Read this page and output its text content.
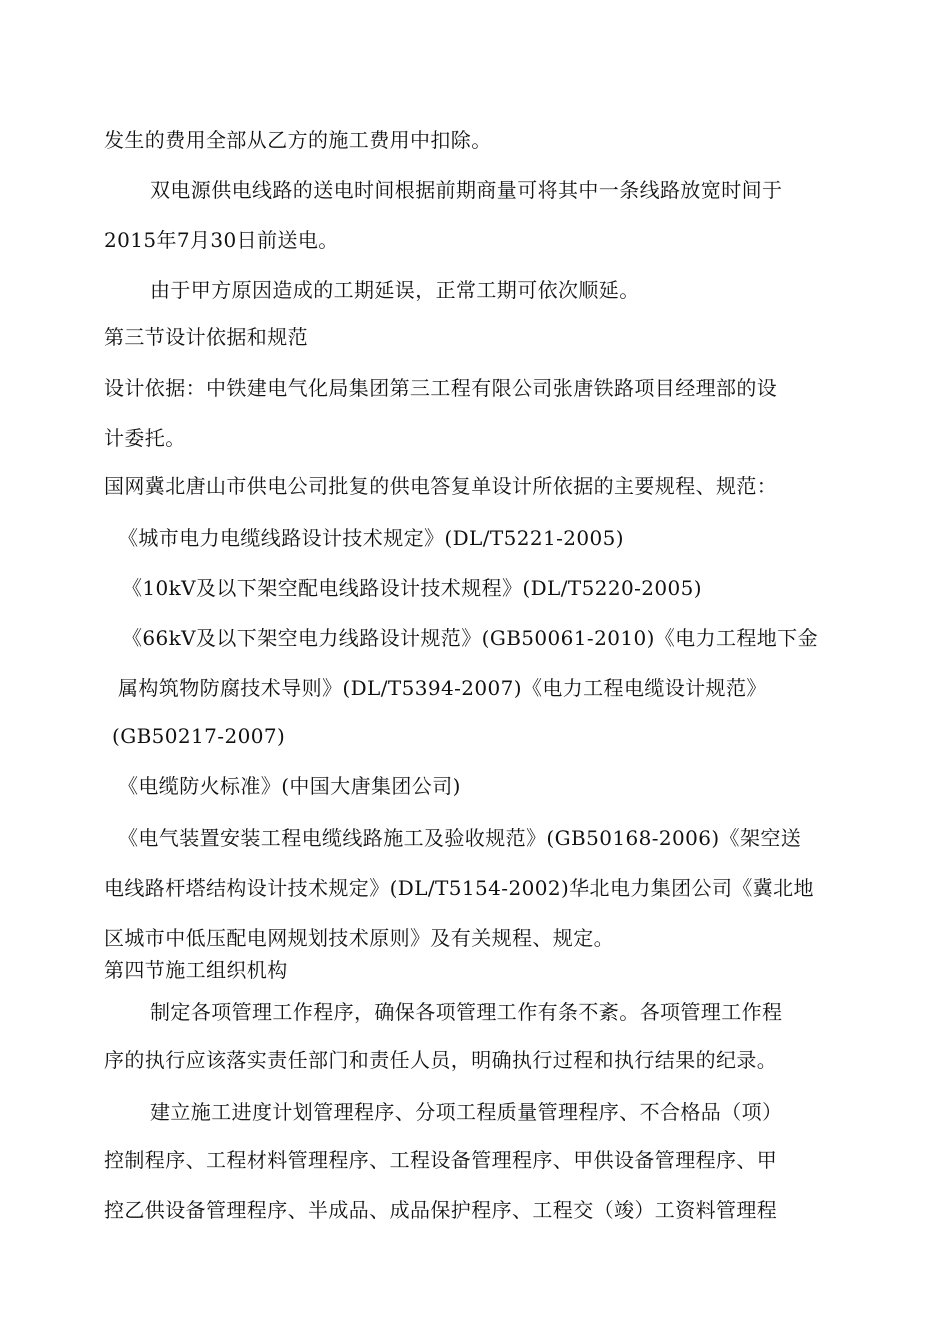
发生的费用全部从乙方的施工费用中扣除。
双电源供电线路的送电时间根据前期商量可将其中一条线路放宽时间于
2015年7月30日前送电。
由于甲方原因造成的工期延误，正常工期可依次顺延。
第三节设计依据和规范
设计依据：中铁建电气化局集团第三工程有限公司张唐铁路项目经理部的设
计委托。
国网冀北唐山市供电公司批复的供电答复单设计所依据的主要规程、规范：
《城市电力电缆线路设计技术规定》(DL/T5221-2005)
《10kV及以下架空配电线路设计技术规程》(DL/T5220-2005)
《66kV及以下架空电力线路设计规范》(GB50061-2010)《电力工程地下金
属构筑物防腐技术导则》(DL/T5394-2007)《电力工程电缆设计规范》
(GB50217-2007)
《电缆防火标准》(中国大唐集团公司)
《电气装置安装工程电缆线路施工及验收规范》(GB50168-2006)《架空送
电线路杆塔结构设计技术规定》(DL/T5154-2002)华北电力集团公司《冀北地
区城市中低压配电网规划技术原则》及有关规程、规定。
第四节施工组织机构
制定各项管理工作程序，确保各项管理工作有条不紊。各项管理工作程
序的执行应该落实责任部门和责任人员，明确执行过程和执行结果的纪录。
建立施工进度计划管理程序、分项工程质量管理程序、不合格品（项）
控制程序、工程材料管理程序、工程设备管理程序、甲供设备管理程序、甲
控乙供设备管理程序、半成品、成品保护程序、工程交（竣）工资料管理程
